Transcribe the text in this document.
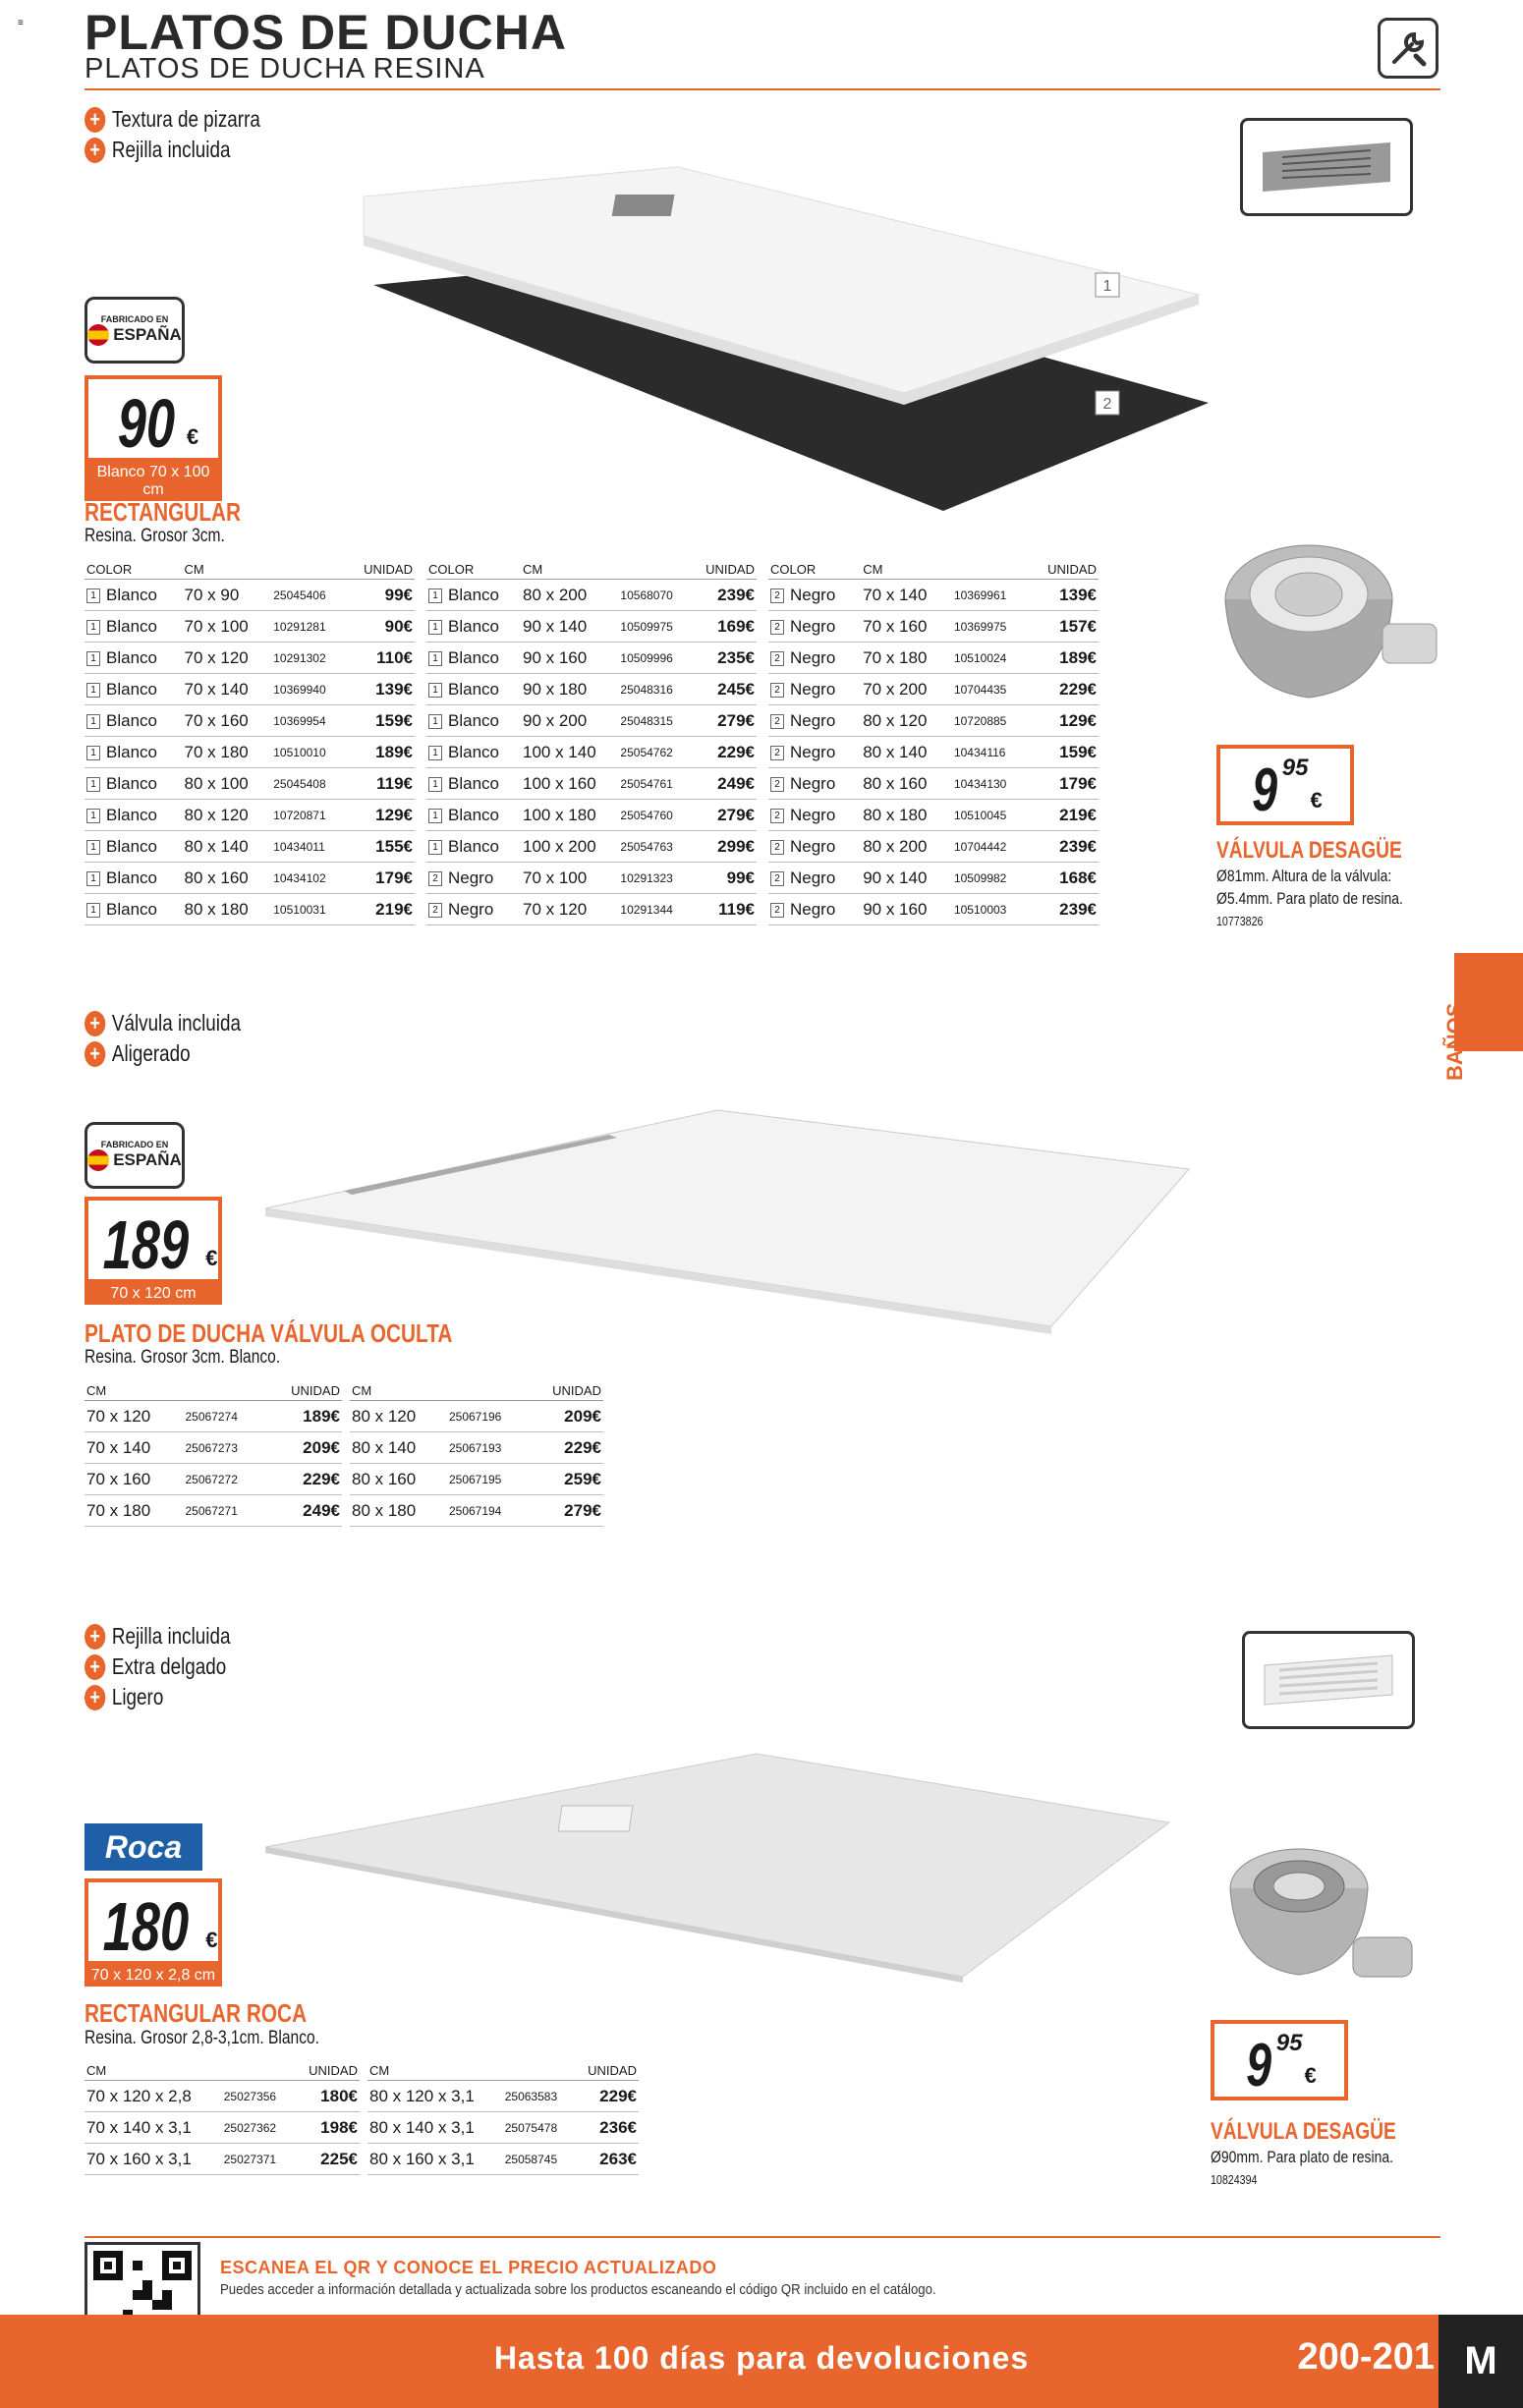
≡ PLATOS DE DUCHA
PLATOS DE DUCHA RESINA
BAÑOS
+ Textura de pizarra
+ Rejilla incluida
1
2
FABRICADO EN
ESPAÑA
90 €
Blanco 70 x 100 cm
RECTANGULAR
Resina. Grosor 3cm.
COLOR	CM		UNIDAD
1 Blanco	70 x 90	25045406	99€
1 Blanco	70 x 100	10291281	90€
1 Blanco	70 x 120	10291302	110€
1 Blanco	70 x 140	10369940	139€
1 Blanco	70 x 160	10369954	159€
1 Blanco	70 x 180	10510010	189€
1 Blanco	80 x 100	25045408	119€
1 Blanco	80 x 120	10720871	129€
1 Blanco	80 x 140	10434011	155€
1 Blanco	80 x 160	10434102	179€
1 Blanco	80 x 180	10510031	219€
COLOR	CM		UNIDAD
1 Blanco	80 x 200	10568070	239€
1 Blanco	90 x 140	10509975	169€
1 Blanco	90 x 160	10509996	235€
1 Blanco	90 x 180	25048316	245€
1 Blanco	90 x 200	25048315	279€
1 Blanco	100 x 140	25054762	229€
1 Blanco	100 x 160	25054761	249€
1 Blanco	100 x 180	25054760	279€
1 Blanco	100 x 200	25054763	299€
2 Negro	70 x 100	10291323	99€
2 Negro	70 x 120	10291344	119€
COLOR	CM		UNIDAD
2 Negro	70 x 140	10369961	139€
2 Negro	70 x 160	10369975	157€
2 Negro	70 x 180	10510024	189€
2 Negro	70 x 200	10704435	229€
2 Negro	80 x 120	10720885	129€
2 Negro	80 x 140	10434116	159€
2 Negro	80 x 160	10434130	179€
2 Negro	80 x 180	10510045	219€
2 Negro	80 x 200	10704442	239€
2 Negro	90 x 140	10509982	168€
2 Negro	90 x 160	10510003	239€
9 95
€
VÁLVULA DESAGÜE
Ø81mm. Altura de la válvula:
Ø5.4mm. Para plato de resina.
10773826
+ Válvula incluida
+ Aligerado
FABRICADO EN
ESPAÑA
189 €
70 x 120 cm
PLATO DE DUCHA VÁLVULA OCULTA
Resina. Grosor 3cm. Blanco.
CM		UNIDAD
70 x 120	25067274	189€
70 x 140	25067273	209€
70 x 160	25067272	229€
70 x 180	25067271	249€
CM		UNIDAD
80 x 120	25067196	209€
80 x 140	25067193	229€
80 x 160	25067195	259€
80 x 180	25067194	279€
+ Rejilla incluida
+ Extra delgado
+ Ligero
Roca
180 €
70 x 120 x 2,8 cm
RECTANGULAR ROCA
Resina. Grosor 2,8-3,1cm. Blanco.
CM		UNIDAD
70 x 120 x 2,8	25027356	180€
70 x 140 x 3,1	25027362	198€
70 x 160 x 3,1	25027371	225€
CM		UNIDAD
80 x 120 x 3,1	25063583	229€
80 x 140 x 3,1	25075478	236€
80 x 160 x 3,1	25058745	263€
9 95
€
VÁLVULA DESAGÜE
Ø90mm. Para plato de resina.
10824394
ESCANEA EL QR Y CONOCE EL PRECIO ACTUALIZADO
Puedes acceder a información detallada y actualizada sobre los productos escaneando el código QR incluido en el catálogo.
Hasta 100 días para devoluciones	200-201 M
